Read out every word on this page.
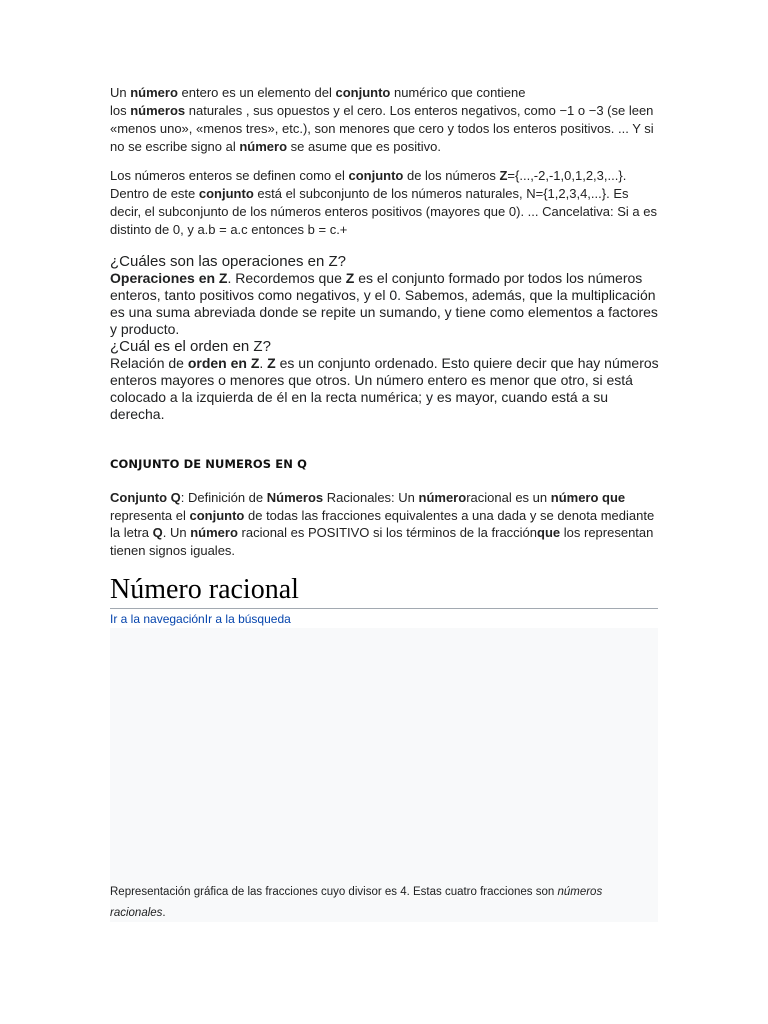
Un número entero es un elemento del conjunto numérico que contiene
los números naturales , sus opuestos y el cero. Los enteros negativos, como −1 o −3 (se leen «menos uno», «menos tres», etc.), son menores que cero y todos los enteros positivos. ... Y si no se escribe signo al número se asume que es positivo.

Los números enteros se definen como el conjunto de los números Z={...,-2,-1,0,1,2,3,...}. Dentro de este conjunto está el subconjunto de los números naturales, N={1,2,3,4,...}. Es decir, el subconjunto de los números enteros positivos (mayores que 0). ... Cancelativa: Si a es distinto de 0, y a.b = a.c entonces b = c.+

¿Cuáles son las operaciones en Z?

Operaciones en Z. Recordemos que Z es el conjunto formado por todos los números enteros, tanto positivos como negativos, y el 0. Sabemos, además, que la multiplicación es una suma abreviada donde se repite un sumando, y tiene como elementos a factores y producto.

¿Cuál es el orden en Z?

Relación de orden en Z. Z es un conjunto ordenado. Esto quiere decir que hay números enteros mayores o menores que otros. Un número entero es menor que otro, si está colocado a la izquierda de él en la recta numérica; y es mayor, cuando está a su derecha.

CONJUNTO DE NUMEROS EN Q

Conjunto Q: Definición de Números Racionales: Un númeroracional es un número que representa el conjunto de todas las fracciones equivalentes a una dada y se denota mediante la letra Q. Un número racional es POSITIVO si los términos de la fracciónque los representan tienen signos iguales.

Número racional
Ir a la navegaciónIr a la búsqueda
Representación gráfica de las fracciones cuyo divisor es 4. Estas cuatro fracciones son números racionales.
